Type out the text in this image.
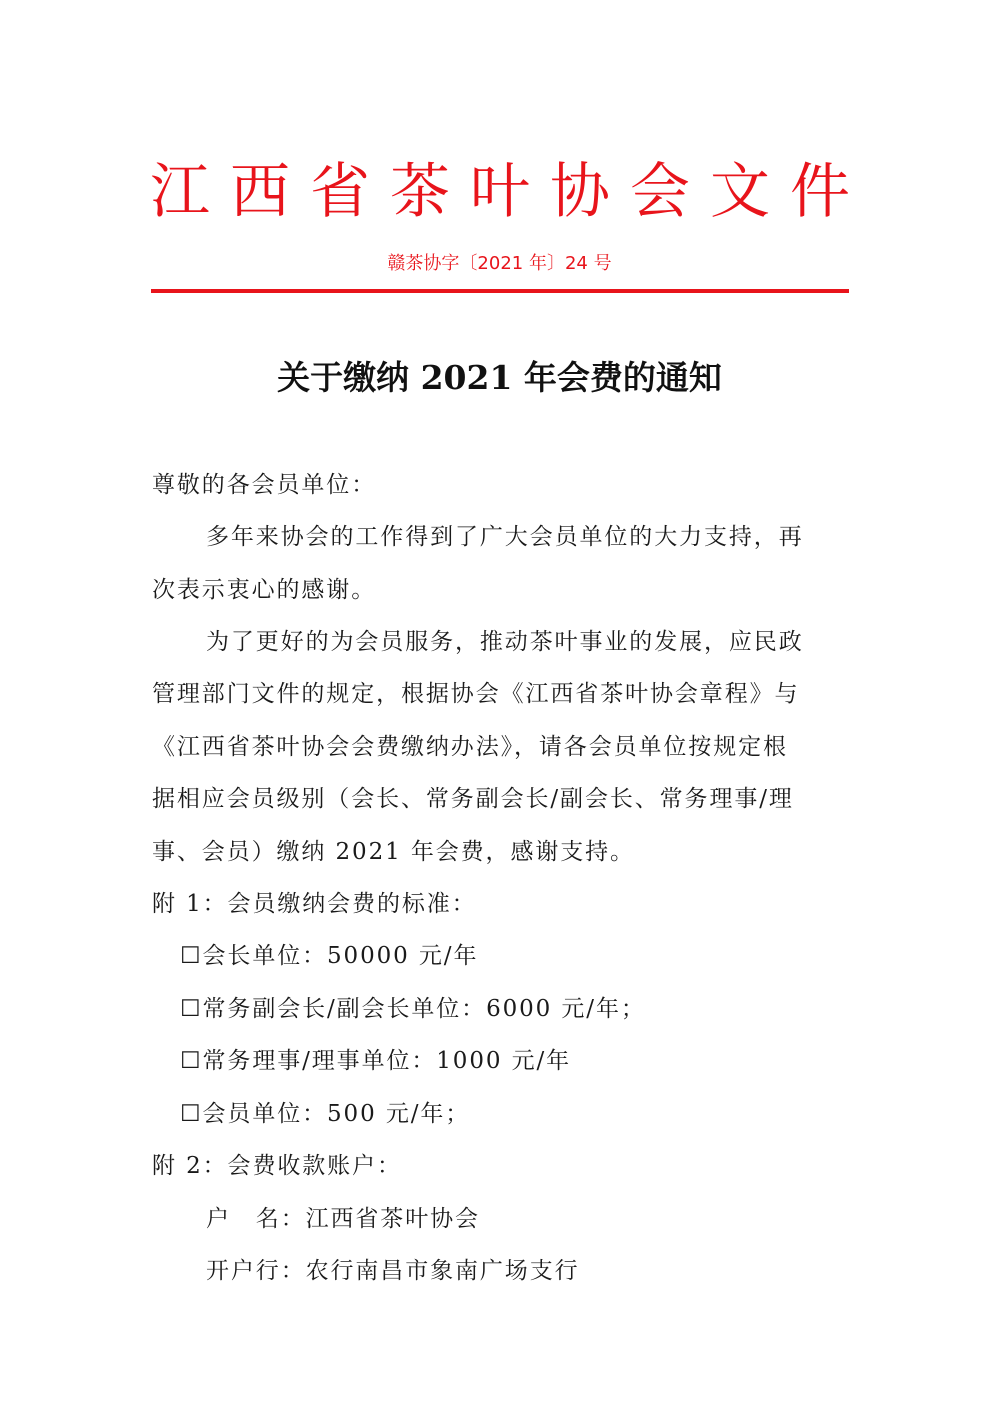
江 西 省 茶 叶 协 会 文 件
赣茶协字〔2021 年〕24 号
关于缴纳 2021 年会费的通知
尊敬的各会员单位：
多年来协会的工作得到了广大会员单位的大力支持，再
次表示衷心的感谢。
为了更好的为会员服务，推动茶叶事业的发展，应民政
管理部门文件的规定，根据协会《江西省茶叶协会章程》与
《江西省茶叶协会会费缴纳办法》，请各会员单位按规定根
据相应会员级别（会长、常务副会长/副会长、常务理事/理
事、会员）缴纳 2021 年会费，感谢支持。
附 1：会员缴纳会费的标准：
☐会长单位：50000 元/年
☐常务副会长/副会长单位：6000 元/年；
☐常务理事/理事单位：1000 元/年
☐会员单位：500 元/年；
附 2：会费收款账户：
户　名：江西省茶叶协会
开户行：农行南昌市象南广场支行
